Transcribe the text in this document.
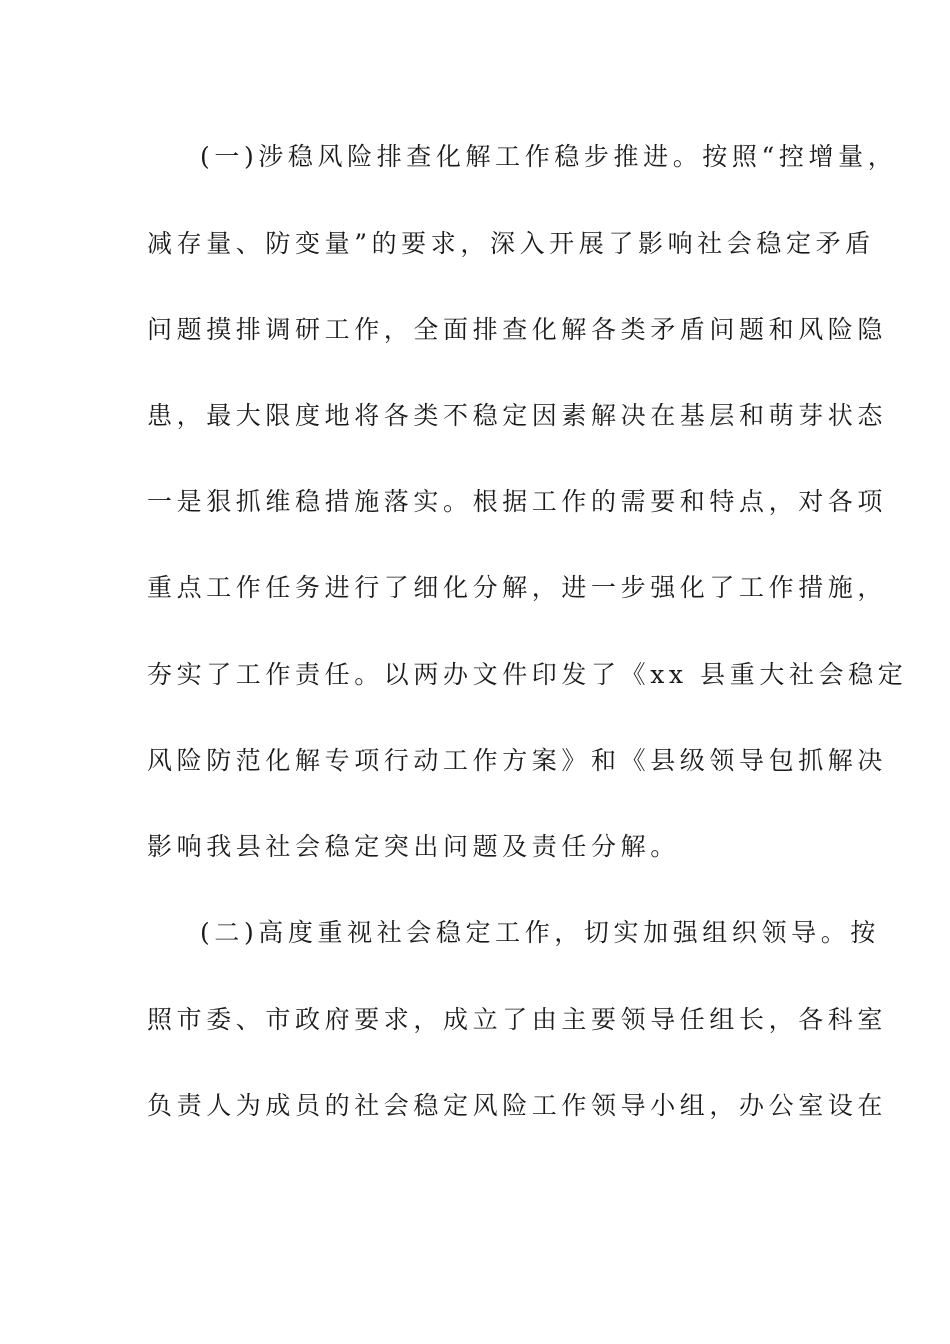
(一)涉稳风险排查化解工作稳步推进。按照“控增量，
减存量、防变量”的要求，深入开展了影响社会稳定矛盾
问题摸排调研工作，全面排查化解各类矛盾问题和风险隐
患，最大限度地将各类不稳定因素解决在基层和萌芽状态
一是狠抓维稳措施落实。根据工作的需要和特点，对各项
重点工作任务进行了细化分解，进一步强化了工作措施，
夯实了工作责任。以两办文件印发了《xx 县重大社会稳定
风险防范化解专项行动工作方案》和《县级领导包抓解决
影响我县社会稳定突出问题及责任分解。
(二)高度重视社会稳定工作，切实加强组织领导。按
照市委、市政府要求，成立了由主要领导任组长，各科室
负责人为成员的社会稳定风险工作领导小组，办公室设在
